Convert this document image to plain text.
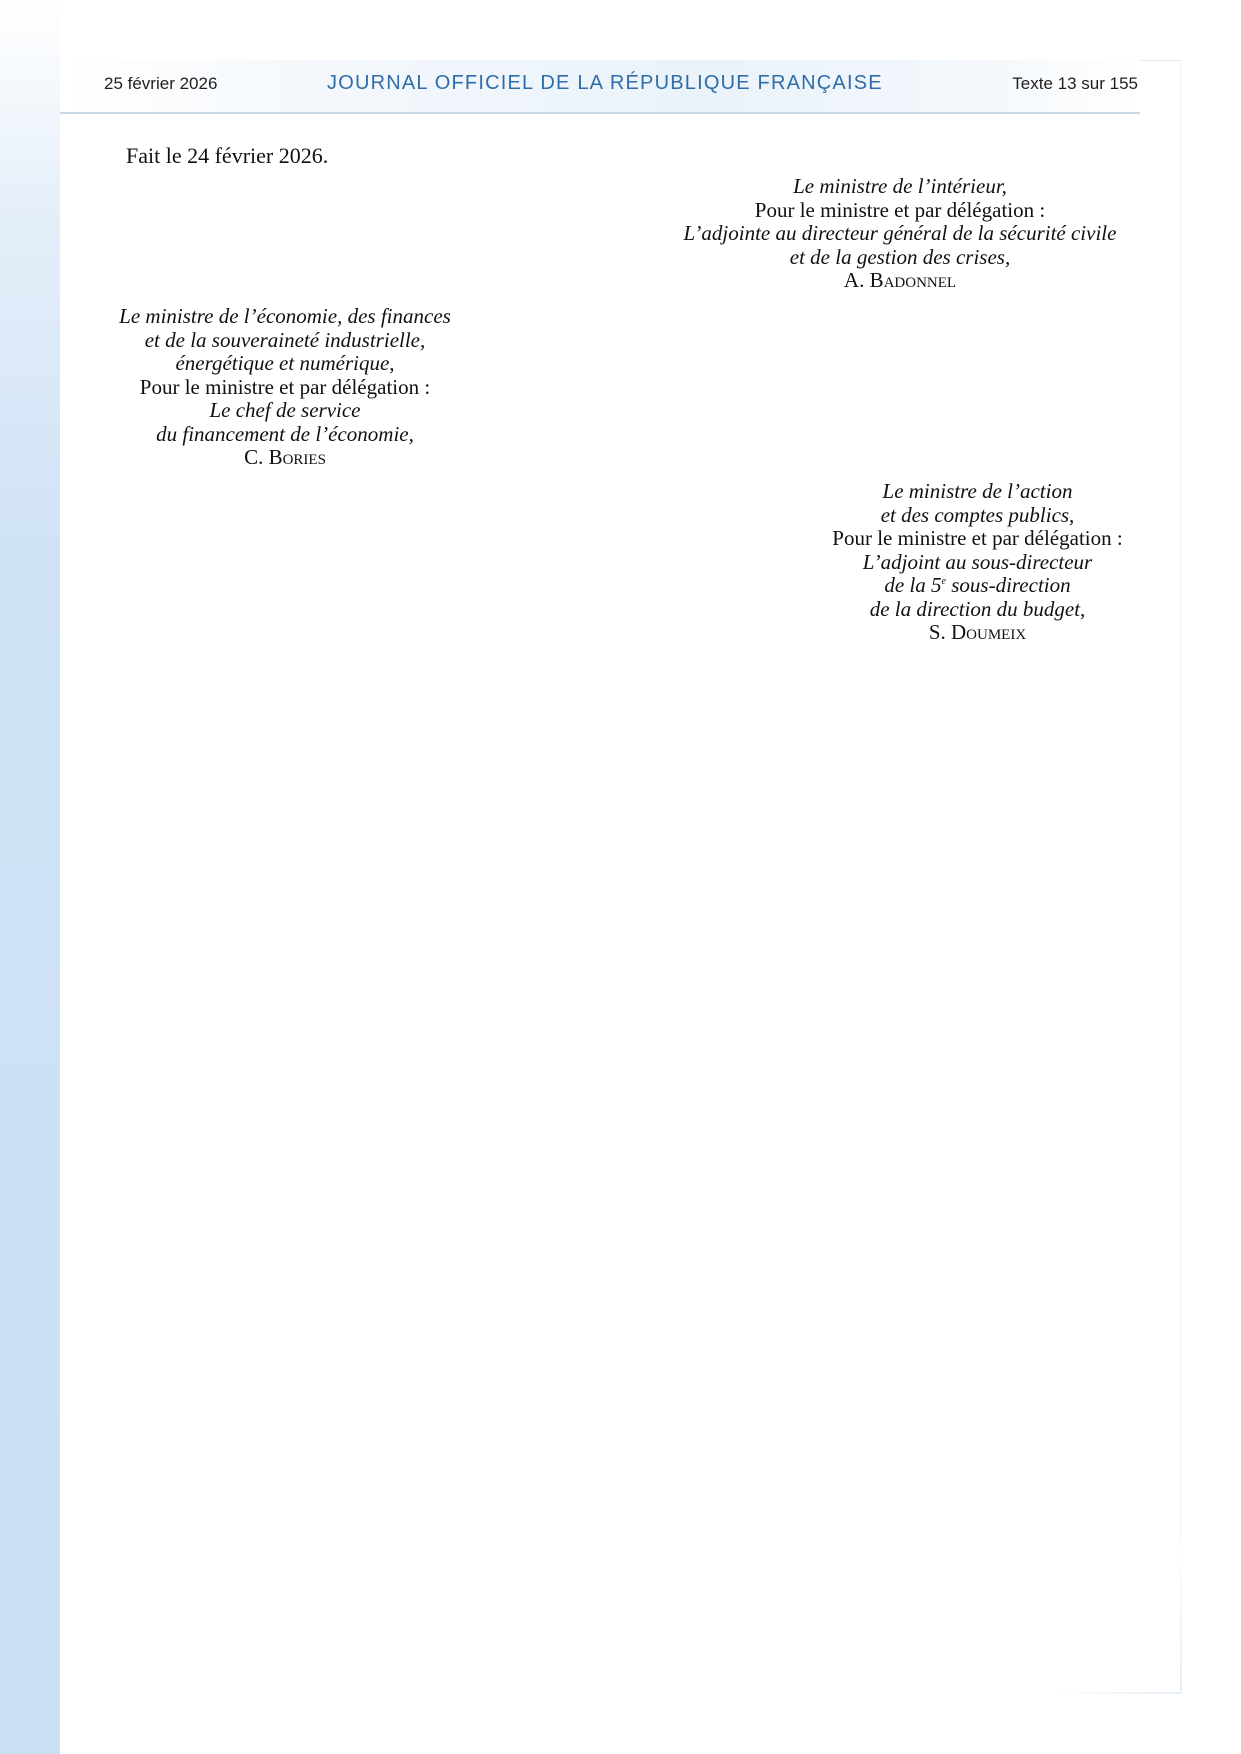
25 février 2026	JOURNAL OFFICIEL DE LA RÉPUBLIQUE FRANÇAISE	Texte 13 sur 155
Fait le 24 février 2026.
Le ministre de l’intérieur,
Pour le ministre et par délégation :
L’adjointe au directeur général de la sécurité civile
et de la gestion des crises,
A. Badonnel
Le ministre de l’économie, des finances
et de la souveraineté industrielle,
énergétique et numérique,
Pour le ministre et par délégation :
Le chef de service
du financement de l’économie,
C. Bories
Le ministre de l’action
et des comptes publics,
Pour le ministre et par délégation :
L’adjoint au sous-directeur
de la 5e sous-direction
de la direction du budget,
S. Doumeix
